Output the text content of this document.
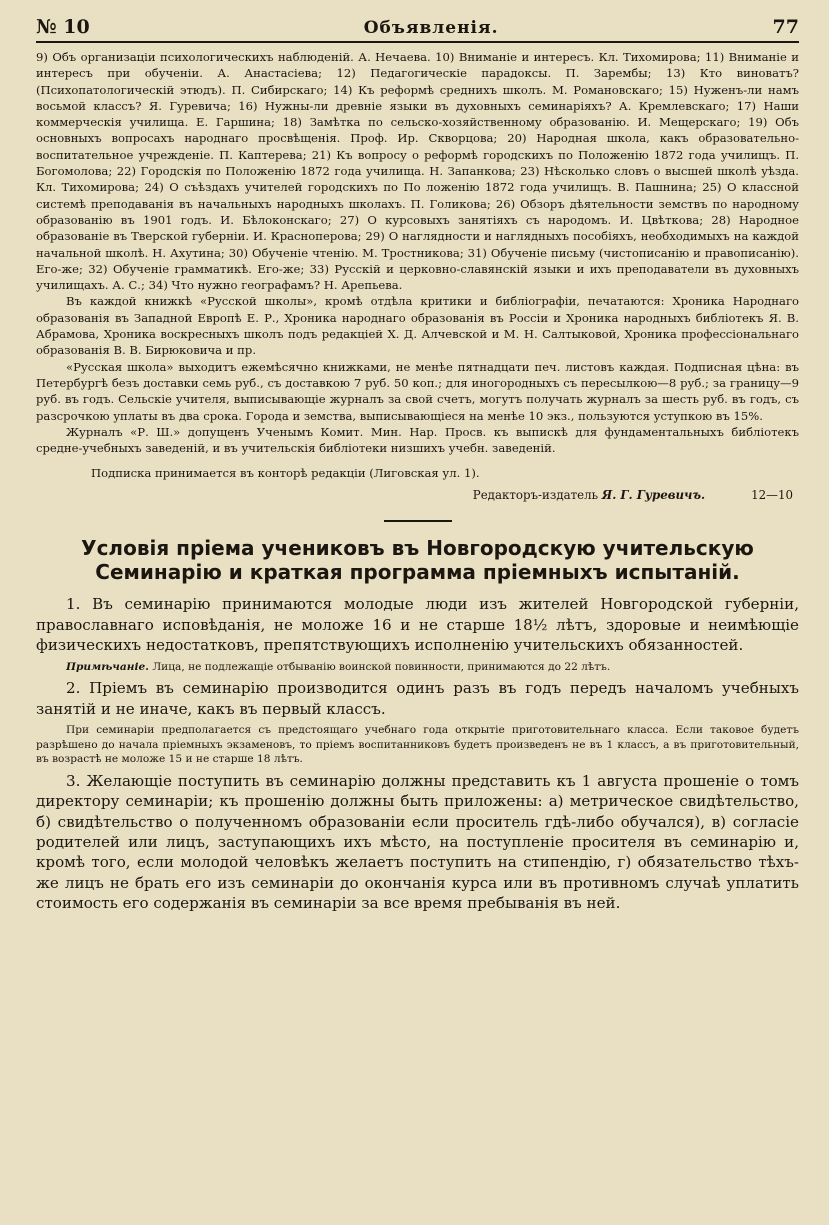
№ 10	Объявленія.	77

9) Объ организаціи психологическихъ наблюденій. А. Нечаева. 10) Вниманіе и интересъ. Кл. Тихомирова; 11) Вниманіе и интересъ при обученіи. А. Анастасіева; 12) Педагогическіе парадоксы. П. Зарембы; 13) Кто виноватъ? (Психопатологическій этюдъ). П. Сибирскаго; 14) Къ реформѣ среднихъ школъ. М. Романовскаго; 15) Нуженъ-ли намъ восьмой классъ? Я. Гуревича; 16) Нужны-ли древніе языки въ духовныхъ семинаріяхъ? А. Кремлевскаго; 17) Наши коммерческія училища. Е. Гаршина; 18) Замѣтка по сельско-хозяйственному образованію. И. Мещерскаго; 19) Объ основныхъ вопросахъ народнаго просвѣщенія. Проф. Ир. Скворцова; 20) Народная школа, какъ образовательно-воспитательное учрежденіе. П. Каптерева; 21) Къ вопросу о реформѣ городскихъ по Положенію 1872 года училищъ. П. Богомолова; 22) Городскія по Положенію 1872 года училища. Н. Запанкова; 23) Нѣсколько словъ о высшей школѣ уѣзда. Кл. Тихомирова; 24) О съѣздахъ учителей городскихъ по По ложенію 1872 года училищъ. В. Пашнина; 25) О классной системѣ преподаванія въ начальныхъ народныхъ школахъ. П. Голикова; 26) Обзоръ дѣятельности земствъ по народному образованію въ 1901 годъ. И. Бѣлоконскаго; 27) О курсовыхъ занятіяхъ съ народомъ. И. Цвѣткова; 28) Народное образованіе въ Тверской губерніи. И. Красноперова; 29) О наглядности и наглядныхъ пособіяхъ, необходимыхъ на каждой начальной школѣ. Н. Ахутина; 30) Обученіе чтенію. М. Тростникова; 31) Обученіе письму (чистописанію и правописанію). Его-же; 32) Обученіе грамматикѣ. Его-же; 33) Русскій и церковно-славянскій языки и ихъ преподаватели въ духовныхъ училищахъ. А. С.; 34) Что нужно географамъ? Н. Арепьева.

Въ каждой книжкѣ «Русской школы», кромѣ отдѣла критики и библіографіи, печатаются: Хроника Народнаго образованія въ Западной Европѣ Е. Р., Хроника народнаго образованія въ Россіи и Хроника народныхъ библіотекъ Я. В. Абрамова, Хроника воскресныхъ школъ подъ редакціей Х. Д. Алчевской и М. Н. Салтыковой, Хроника профессіональнаго образованія В. В. Бирюковича и пр.

«Русская школа» выходитъ ежемѣсячно книжками, не менѣе пятнадцати печ. листовъ каждая. Подписная цѣна: въ Петербургѣ безъ доставки семь руб., съ доставкою 7 руб. 50 коп.; для иногородныхъ съ пересылкою—8 руб.; за границу—9 руб. въ годъ. Сельскіе учителя, выписывающіе журналъ за свой счетъ, могутъ получать журналъ за шесть руб. въ годъ, съ разсрочкою уплаты въ два срока. Города и земства, выписывающіеся на менѣе 10 экз., пользуются уступкою въ 15%.

Журналъ «Р. Ш.» допущенъ Ученымъ Комит. Мин. Нар. Просв. къ выпискѣ для фундаментальныхъ библіотекъ средне-учебныхъ заведеній, и въ учительскія библіотеки низшихъ учебн. заведеній.

Подписка принимается въ конторѣ редакціи (Лиговская ул. 1).
Редакторъ-издатель Я. Г. Гуревичъ.	12—10
Условія пріема учениковъ въ Новгородскую учительскую Семинарію и краткая программа пріемныхъ испытаній.

1. Въ семинарію принимаются молодые люди изъ жителей Новгородской губерніи, православнаго исповѣданія, не моложе 16 и не старше 18½ лѣтъ, здоровые и неимѣющіе физическихъ недостатковъ, препятствующихъ исполненію учительскихъ обязанностей.

Примѣчаніе. Лица, не подлежащіе отбыванію воинской повинности, принимаются до 22 лѣтъ.

2. Пріемъ въ семинарію производится одинъ разъ въ годъ передъ началомъ учебныхъ занятій и не иначе, какъ въ первый классъ.

При семинаріи предполагается съ предстоящаго учебнаго года открытіе приготовительнаго класса. Если таковое будетъ разрѣшено до начала пріемныхъ экзаменовъ, то пріемъ воспитанниковъ будетъ произведенъ не въ 1 классъ, а въ приготовительный, въ возрастѣ не моложе 15 и не старше 18 лѣтъ.

3. Желающіе поступить въ семинарію должны представить къ 1 августа прошеніе о томъ директору семинаріи; къ прошенію должны быть приложены: а) метрическое свидѣтельство, б) свидѣтельство о полученномъ образованіи если проситель гдѣ-либо обучался), в) согласіе родителей или лицъ, заступающихъ ихъ мѣсто, на поступленіе просителя въ семинарію и, кромѣ того, если молодой человѣкъ желаетъ поступить на стипендію, г) обязательство тѣхъ-же лицъ не брать его изъ семинаріи до окончанія курса или въ противномъ случаѣ уплатить стоимость его содержанія въ семинаріи за все время пребыванія въ ней.
